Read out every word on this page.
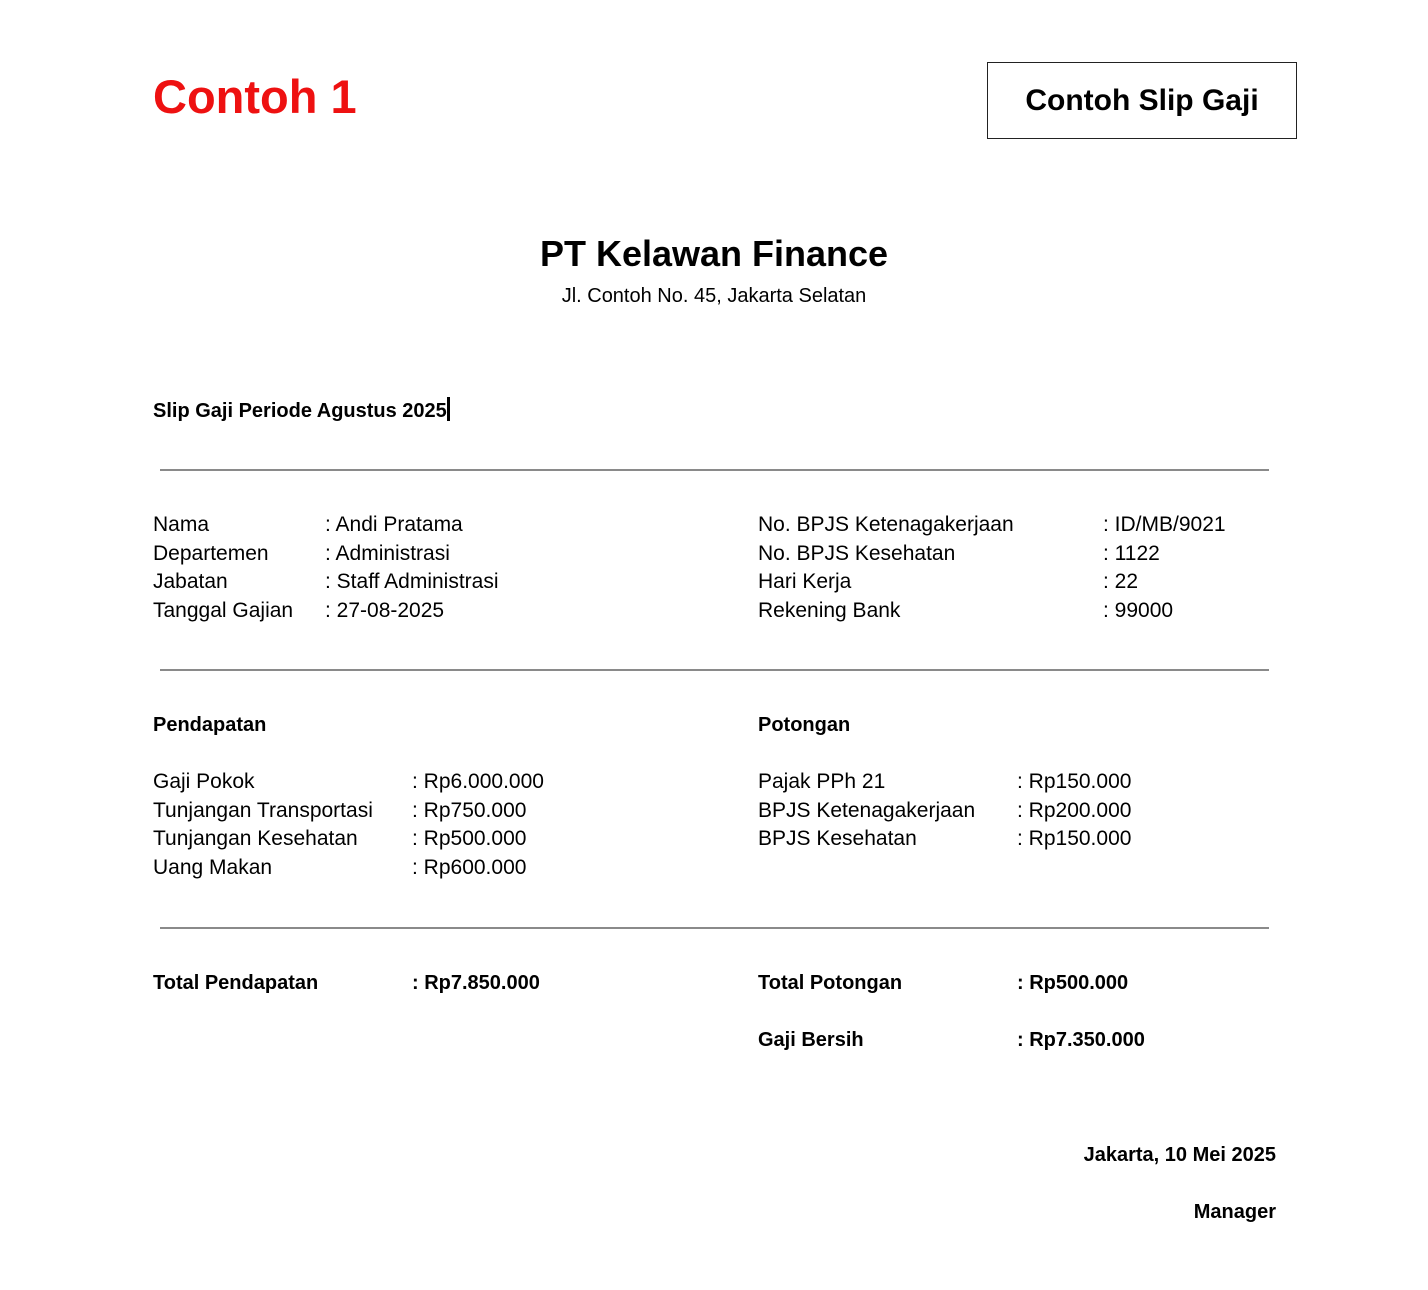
Contoh 1	Contoh Slip Gaji
PT Kelawan Finance
Jl. Contoh No. 45, Jakarta Selatan
Slip Gaji Periode Agustus 2025
Nama	: Andi Pratama
Departemen	: Administrasi
Jabatan	: Staff Administrasi
Tanggal Gajian : 27-08-2025
No. BPJS Ketenagakerjaan	: ID/MB/9021
No. BPJS Kesehatan	: 1122
Hari Kerja	: 22
Rekening Bank	: 99000
Pendapatan
Gaji Pokok	: Rp6.000.000
Tunjangan Transportasi : Rp750.000
Tunjangan Kesehatan	: Rp500.000
Uang Makan	: Rp600.000
Potongan
Pajak PPh 21	: Rp150.000
BPJS Ketenagakerjaan : Rp200.000
BPJS Kesehatan	: Rp150.000
Total Pendapatan	: Rp7.850.000	Total Potongan	: Rp500.000
Gaji Bersih	: Rp7.350.000
Jakarta, 10 Mei 2025
Manager
